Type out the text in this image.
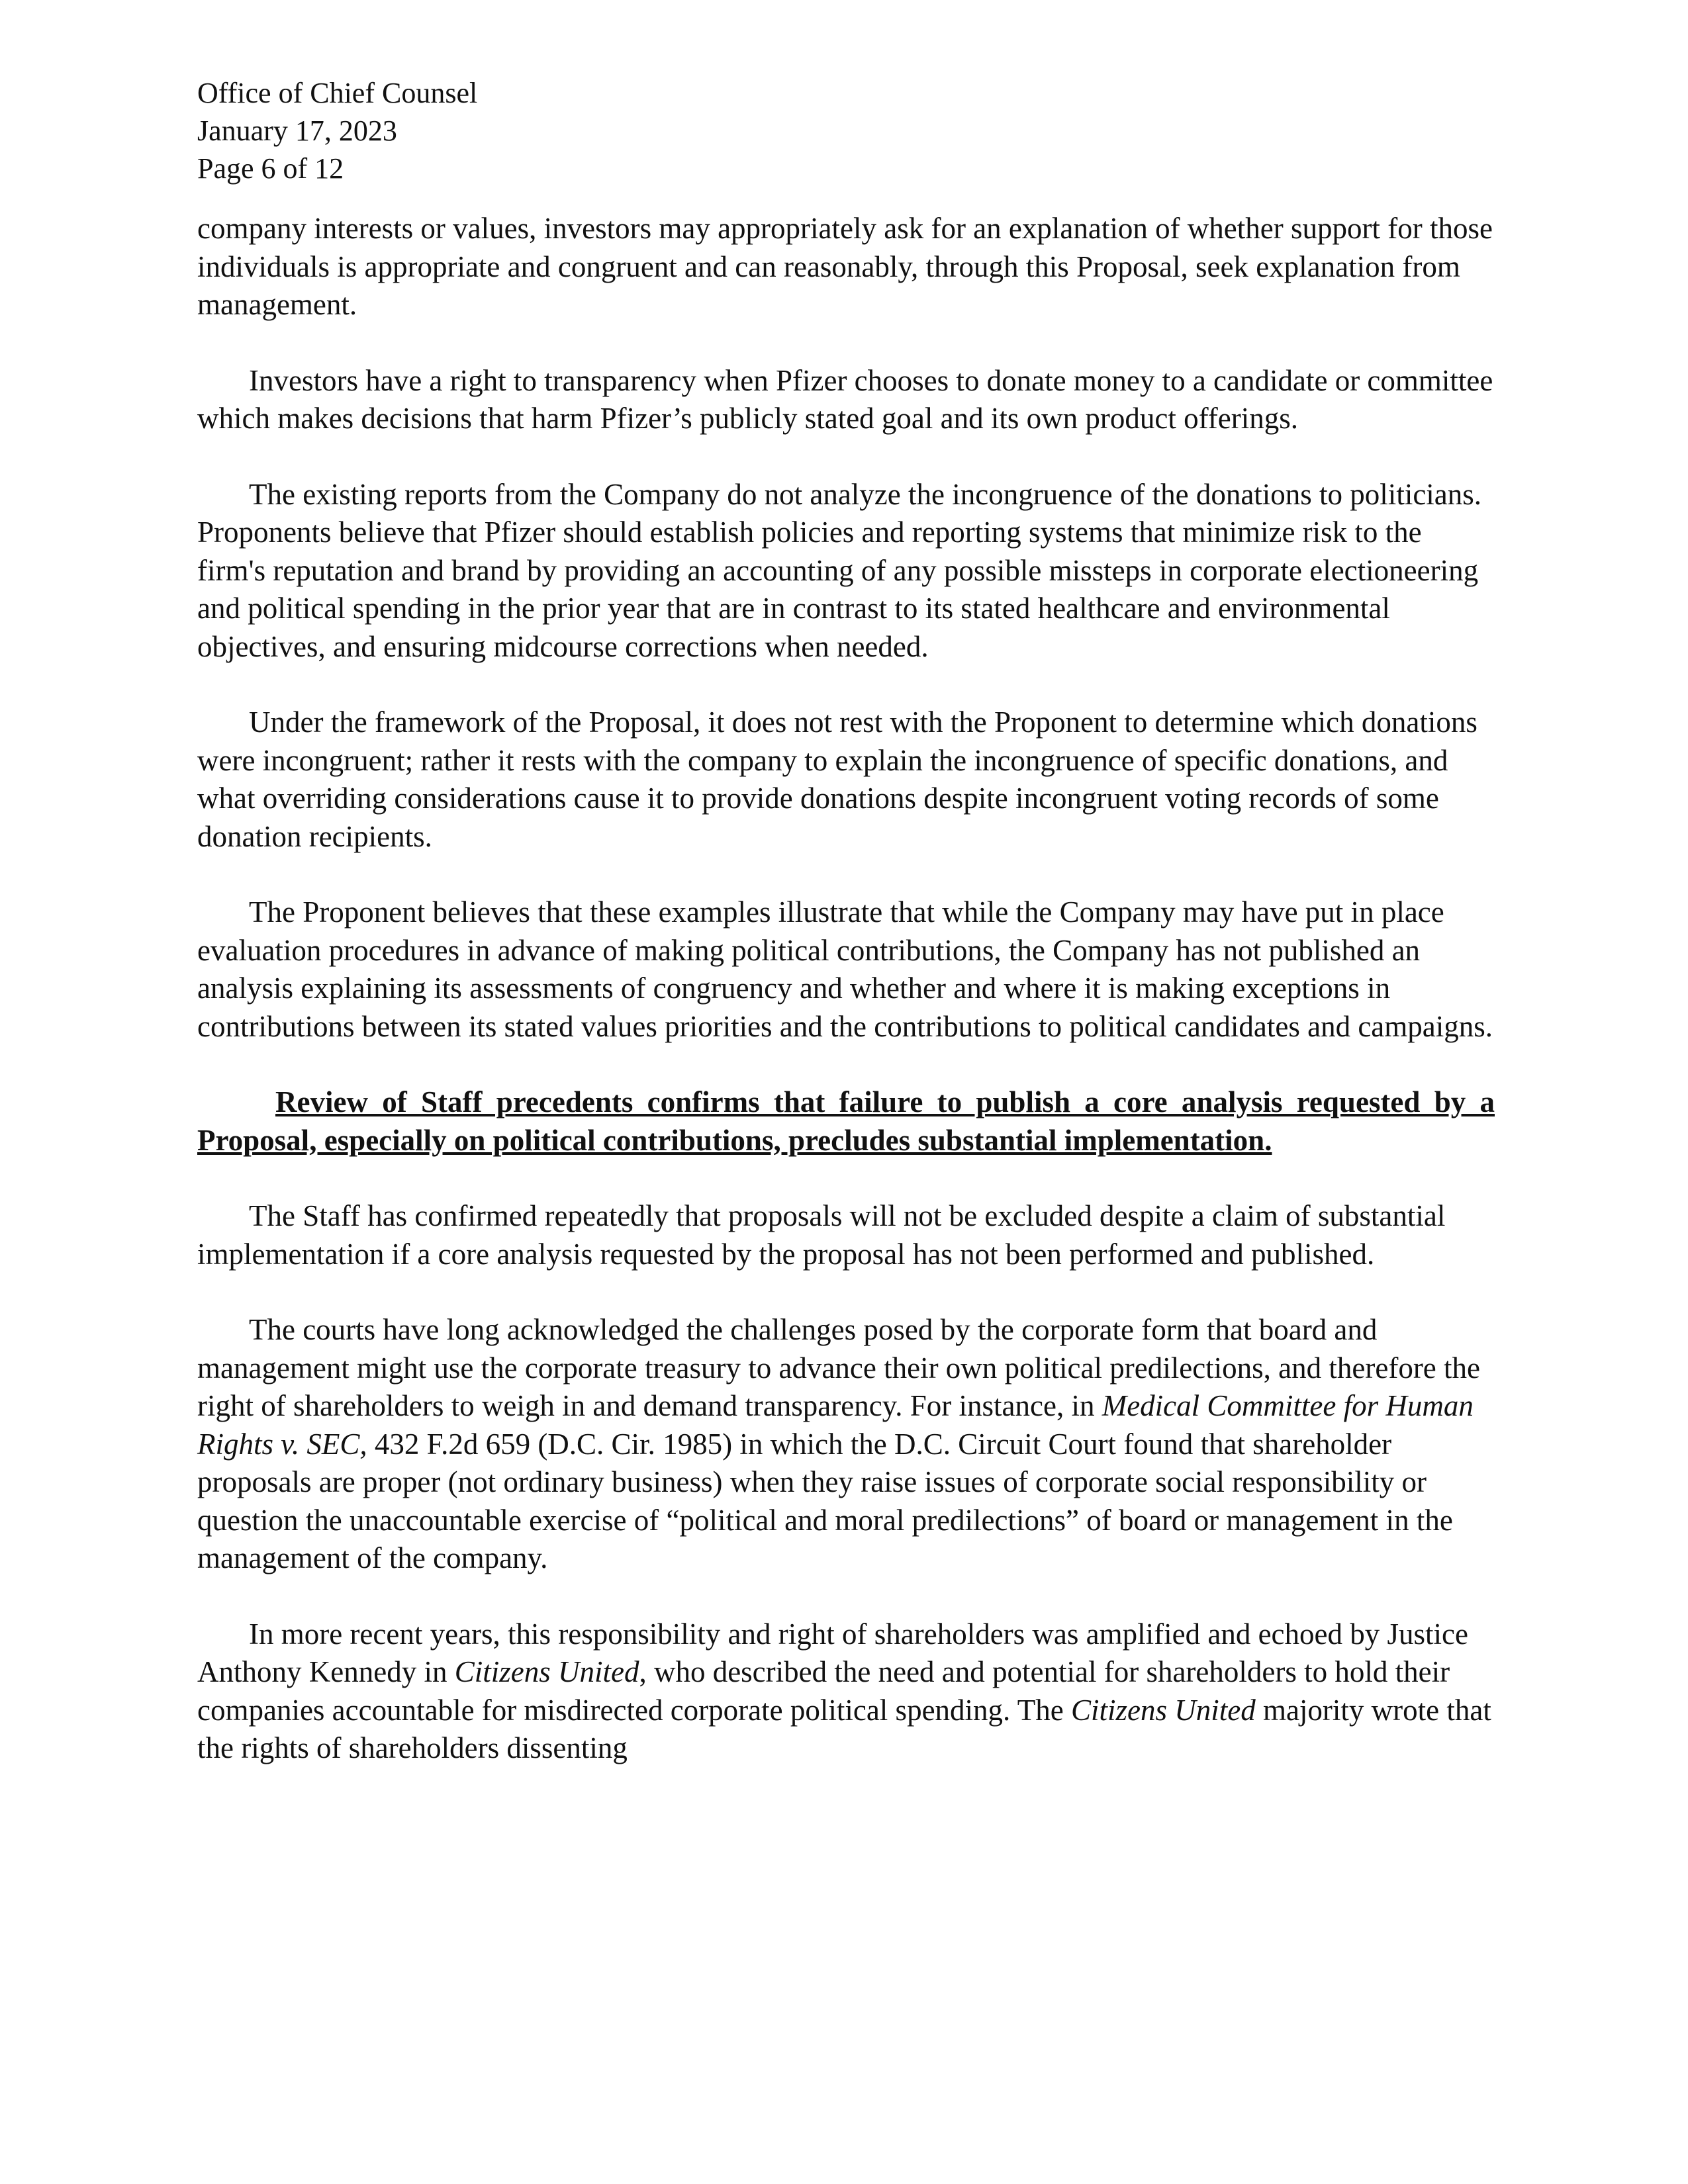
Office of Chief Counsel

January 17, 2023

Page 6 of 12

company interests or values, investors may appropriately ask for an explanation of whether support for those individuals is appropriate and congruent and can reasonably, through this Proposal, seek explanation from management.

Investors have a right to transparency when Pfizer chooses to donate money to a candidate or committee which makes decisions that harm Pfizer’s publicly stated goal and its own product offerings.

The existing reports from the Company do not analyze the incongruence of the donations to politicians. Proponents believe that Pfizer should establish policies and reporting systems that minimize risk to the firm's reputation and brand by providing an accounting of any possible missteps in corporate electioneering and political spending in the prior year that are in contrast to its stated healthcare and environmental objectives, and ensuring midcourse corrections when needed.

Under the framework of the Proposal, it does not rest with the Proponent to determine which donations were incongruent; rather it rests with the company to explain the incongruence of specific donations, and what overriding considerations cause it to provide donations despite incongruent voting records of some donation recipients.

The Proponent believes that these examples illustrate that while the Company may have put in place evaluation procedures in advance of making political contributions, the Company has not published an analysis explaining its assessments of congruency and whether and where it is making exceptions in contributions between its stated values priorities and the contributions to political candidates and campaigns.

Review of Staff precedents confirms that failure to publish a core analysis requested by a Proposal, especially on political contributions, precludes substantial implementation.

The Staff has confirmed repeatedly that proposals will not be excluded despite a claim of substantial implementation if a core analysis requested by the proposal has not been performed and published.

The courts have long acknowledged the challenges posed by the corporate form that board and management might use the corporate treasury to advance their own political predilections, and therefore the right of shareholders to weigh in and demand transparency. For instance, in Medical Committee for Human Rights v. SEC, 432 F.2d 659 (D.C. Cir. 1985) in which the D.C. Circuit Court found that shareholder proposals are proper (not ordinary business) when they raise issues of corporate social responsibility or question the unaccountable exercise of “political and moral predilections” of board or management in the management of the company.

In more recent years, this responsibility and right of shareholders was amplified and echoed by Justice Anthony Kennedy in Citizens United, who described the need and potential for shareholders to hold their companies accountable for misdirected corporate political spending. The Citizens United majority wrote that the rights of shareholders dissenting
